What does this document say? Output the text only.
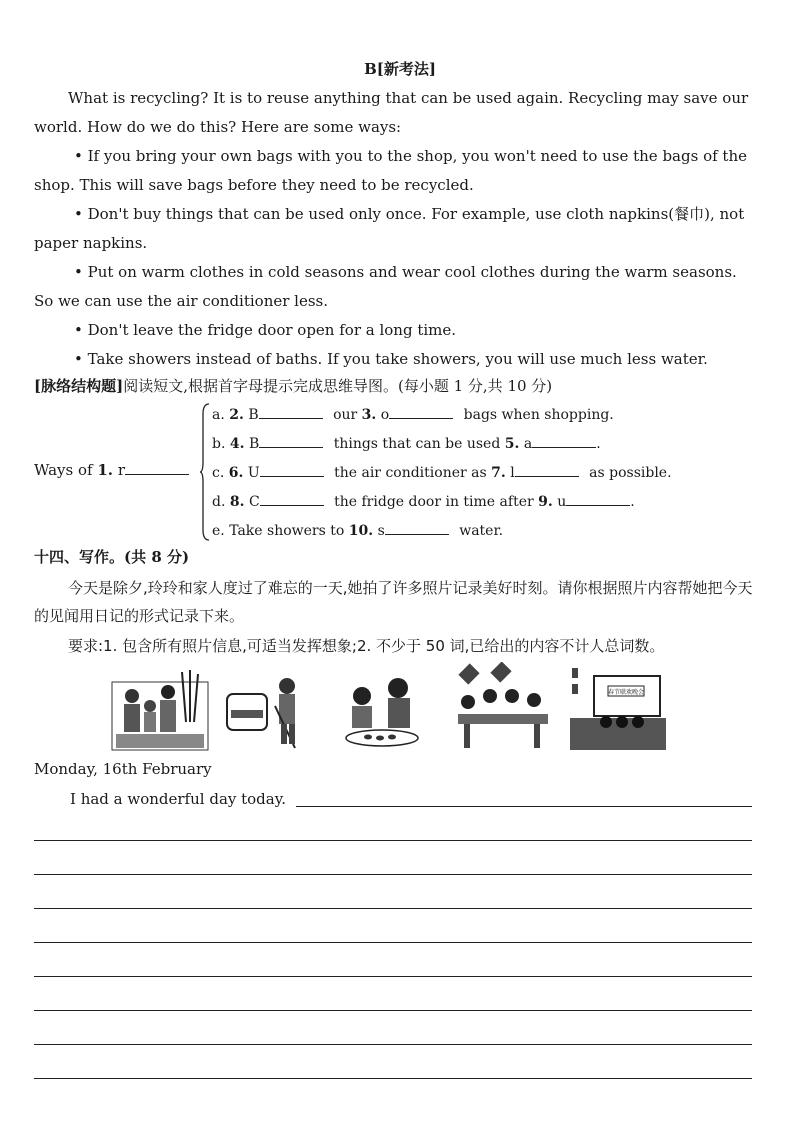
B[新考法]
What is recycling? It is to reuse anything that can be used again. Recycling may save our world. How do we do this? Here are some ways:
• If you bring your own bags with you to the shop, you won't need to use the bags of the shop. This will save bags before they need to be recycled.
• Don't buy things that can be used only once. For example, use cloth napkins(餐巾), not paper napkins.
• Put on warm clothes in cold seasons and wear cool clothes during the warm seasons. So we can use the air conditioner less.
• Don't leave the fridge door open for a long time.
• Take showers instead of baths. If you take showers, you will use much less water.
[脉络结构题]阅读短文,根据首字母提示完成思维导图。(每小题 1 分,共 10 分)
Ways of 1. r
a. 2. B	our 3. o	bags when shopping.
b. 4. B	things that can be used 5. a	.
c. 6. U	the air conditioner as 7. l	as possible.
d. 8. C	the fridge door in time after 9. u	.
e. Take showers to 10. s	water.
十四、写作。(共 8 分)
今天是除夕,玲玲和家人度过了难忘的一天,她拍了许多照片记录美好时刻。请你根据照片内容帮她把今天的见闻用日记的形式记录下来。
要求:1. 包含所有照片信息,可适当发挥想象;2. 不少于 50 词,已给出的内容不计人总词数。
春节联欢晚会
Monday, 16th February
I had a wonderful day today.
